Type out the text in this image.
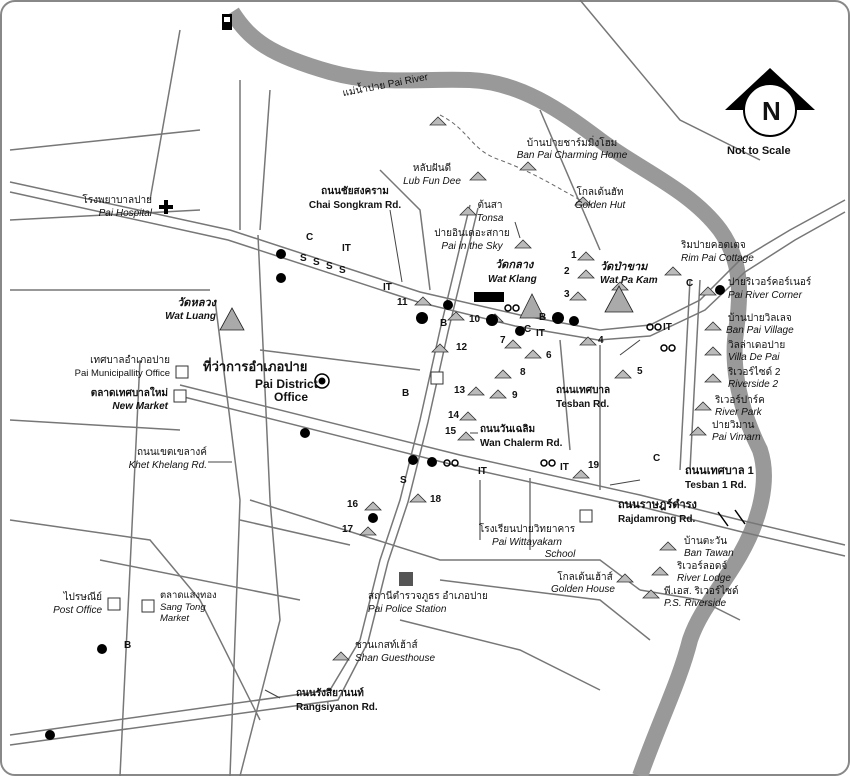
N
Not to Scale
แม่น้ำปาย Pai River
โรงพยาบาลปาย
Pai Hospital
ถนนชัยสงคราม
Chai Songkram Rd.
วัดหลวง
Wat Luang
เทศบาลอำเภอปาย
Pai Municipallity Office	ที่ว่าการอำเภอปาย
Pai District
Office
ตลาดเทศบาลใหม่
New Market
ถนนเขตเขลางค์
Khet Khelang Rd.
ไปรษณีย์
Post Office
ตลาดแสงทอง
Sang Tong
Market
สถานีตำรวจภูธร อำเภอปาย
Pai Police Station
ชานเกสท์เฮ้าส์
Shan Guesthouse
ถนนรังสิยานนท์
Rangsiyanon Rd.
บ้านปายชาร์มมิ่งโฮม
Ban Pai Charming Home
หลับฝันดี
Lub Fun Dee
ต้นสา
Tonsa
โกลเด้นฮัท
Golden Hut
ปายอินเดอะสกาย
Pai in the Sky
วัดกลาง
Wat Klang
วัดป่าขาม
Wat Pa Kam
ริมปายคอตเตจ
Rim Pai Cottage
ปายริเวอร์คอร์เนอร์
Pai River Corner
บ้านปายวิลเลจ
Ban Pai Village
วิลล่าเดอปาย
Villa De Pai
ริเวอร์ไซด์ 2
Riverside 2
ริเวอร์ปาร์ค
River Park
ปายวิมาน
Pai Vimarn
ถนนเทศบาล
Tesban Rd.
ถนนวันเฉลิม
Wan Chalerm Rd.
ถนนเทศบาล 1
Tesban 1 Rd.
ถนนราษฎร์ดำรง
Rajdamrong Rd.
โรงเรียนปายวิทยาคาร
Pai Wittayakarn
School
โกลเด้นเฮ้าส์
Golden House
บ้านตะวัน
Ban Tawan
ริเวอร์ลอดจ์
River Lodge
พี.เอส. ริเวอร์ไซด์
P.S. Riverside
C
IT
S S S S
IT
B
C IT
B
IT
C
B
C
IT	IT
S
B
1
2
3
4
5
6
7
8
9
10
11
12
13
14
15
16
17
18
19
